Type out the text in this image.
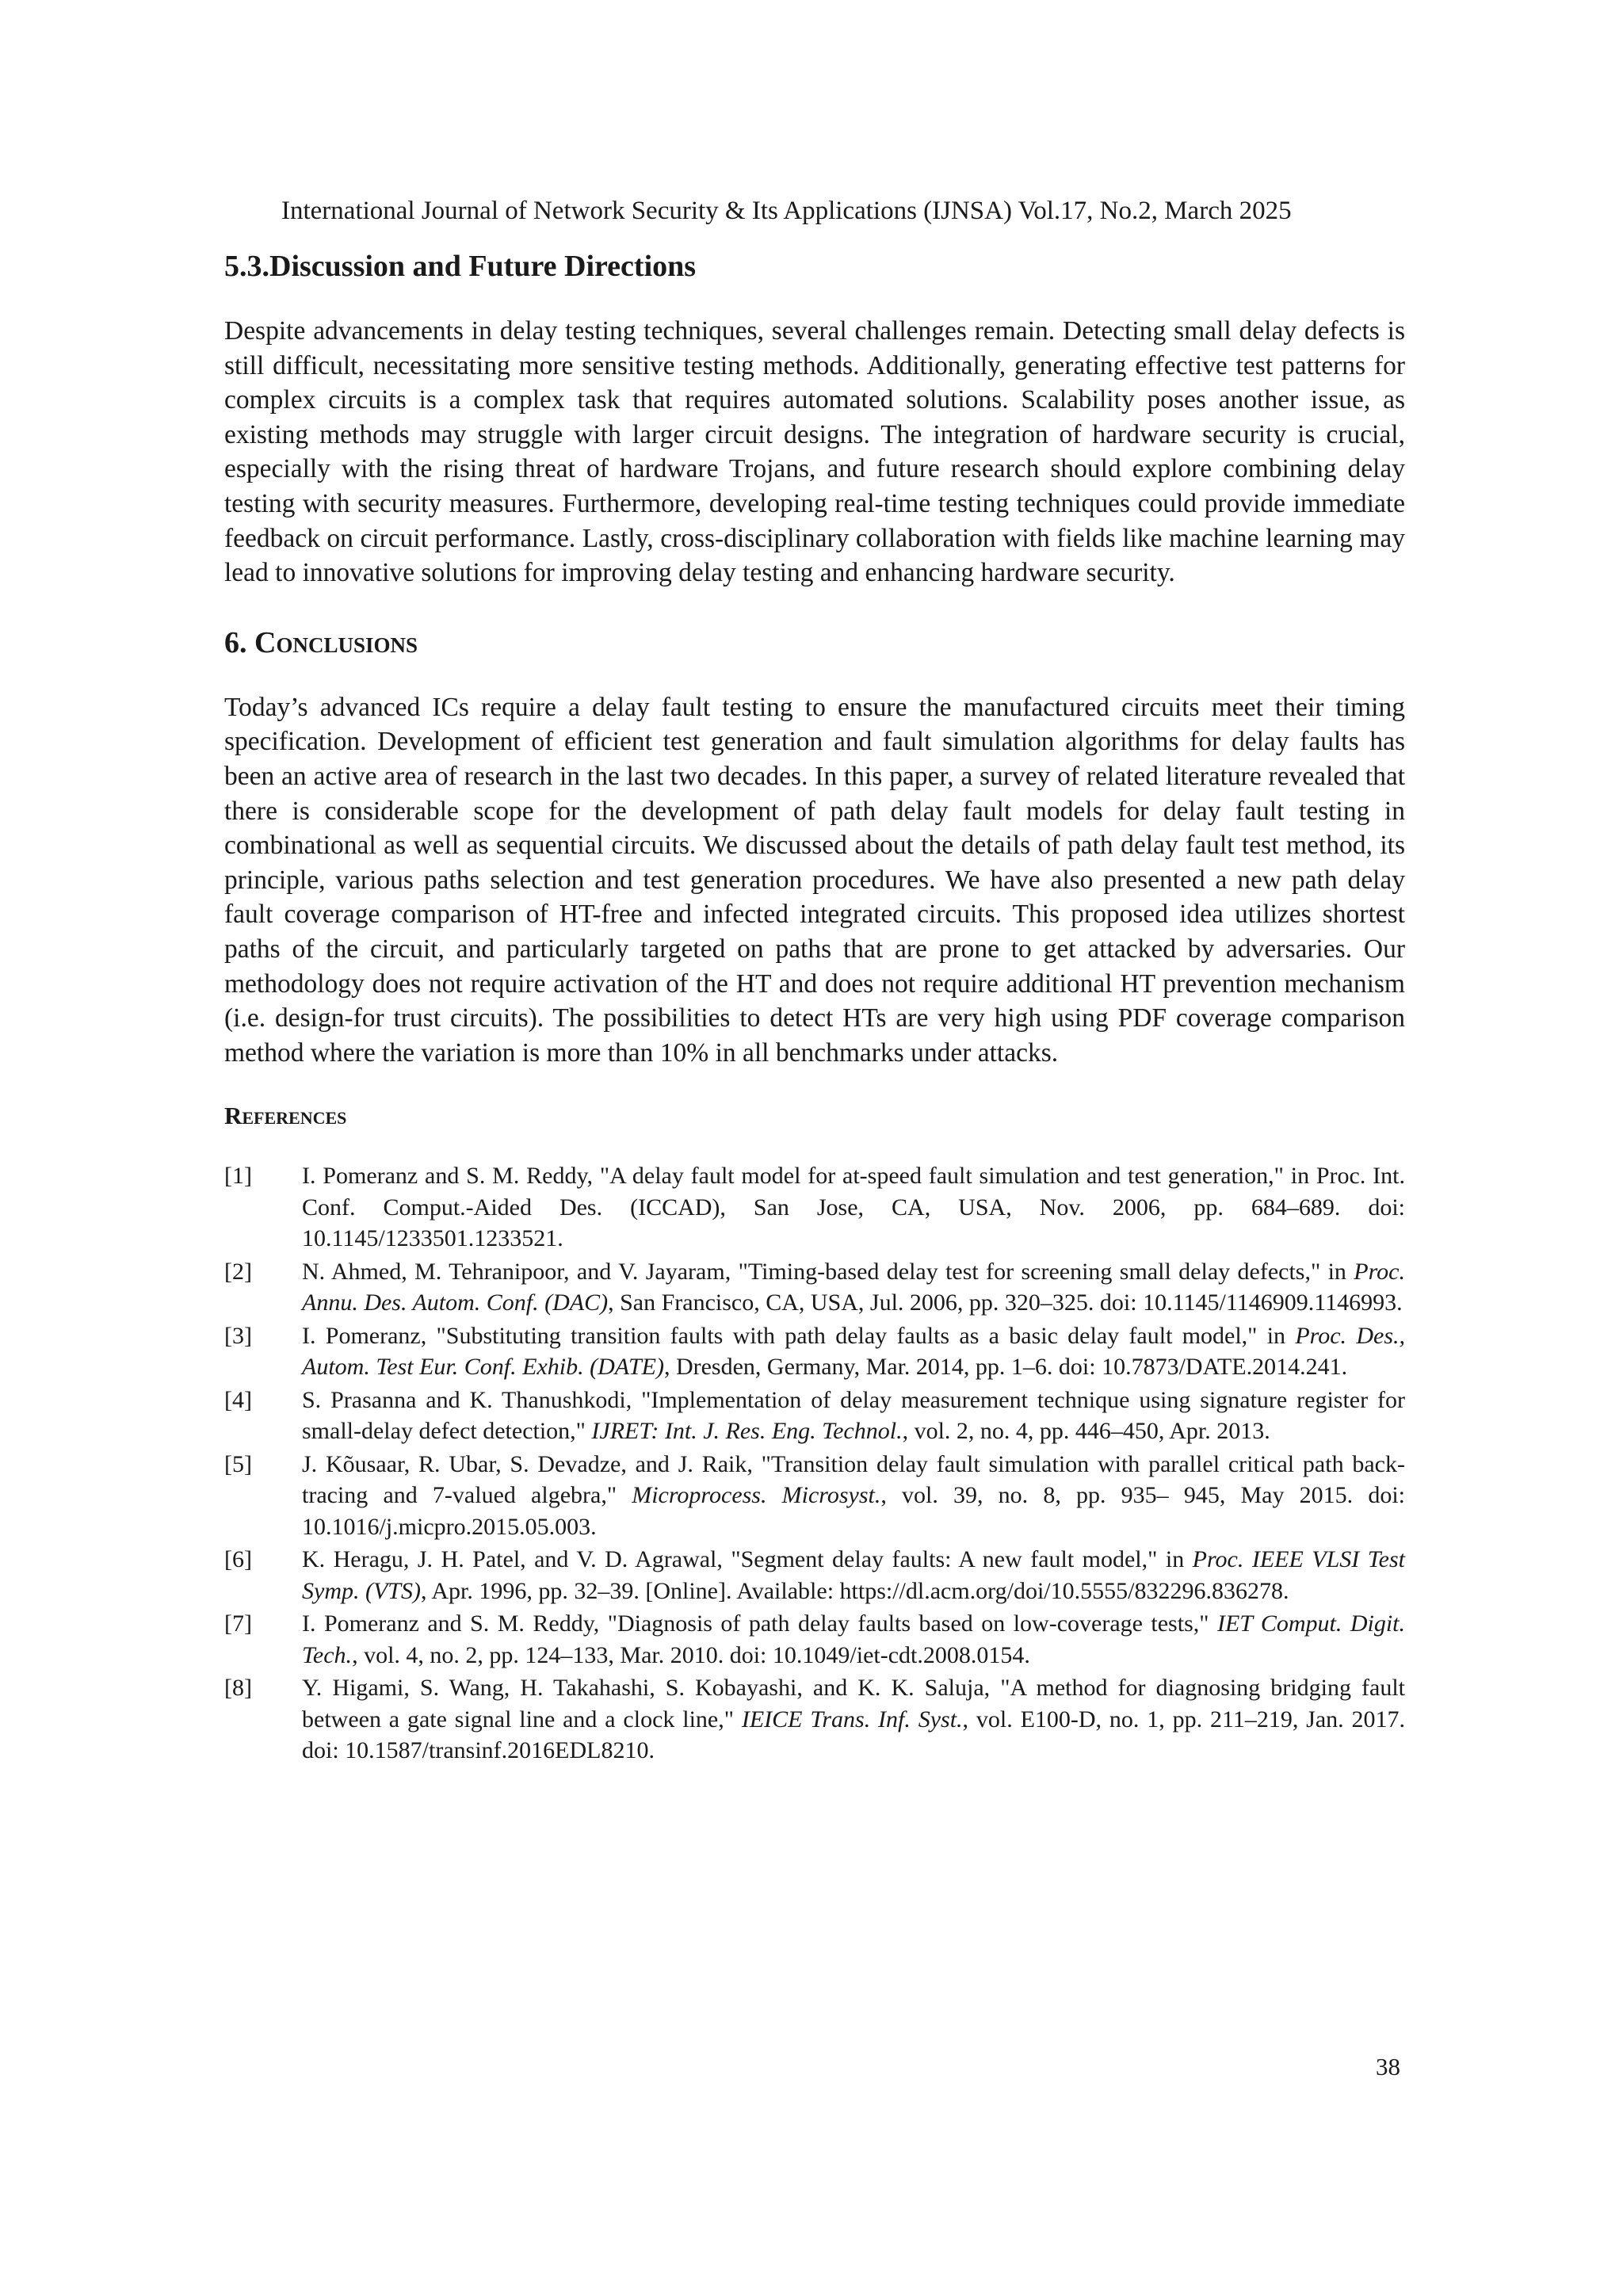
International Journal of Network Security & Its Applications (IJNSA) Vol.17, No.2, March 2025
5.3.Discussion and Future Directions

Despite advancements in delay testing techniques, several challenges remain. Detecting small delay defects is still difficult, necessitating more sensitive testing methods. Additionally, generating effective test patterns for complex circuits is a complex task that requires automated solutions. Scalability poses another issue, as existing methods may struggle with larger circuit designs. The integration of hardware security is crucial, especially with the rising threat of hardware Trojans, and future research should explore combining delay testing with security measures. Furthermore, developing real-time testing techniques could provide immediate feedback on circuit performance. Lastly, cross-disciplinary collaboration with fields like machine learning may lead to innovative solutions for improving delay testing and enhancing hardware security.

6. Conclusions

Today’s advanced ICs require a delay fault testing to ensure the manufactured circuits meet their timing specification. Development of efficient test generation and fault simulation algorithms for delay faults has been an active area of research in the last two decades. In this paper, a survey of related literature revealed that there is considerable scope for the development of path delay fault models for delay fault testing in combinational as well as sequential circuits. We discussed about the details of path delay fault test method, its principle, various paths selection and test generation procedures. We have also presented a new path delay fault coverage comparison of HT-free and infected integrated circuits. This proposed idea utilizes shortest paths of the circuit, and particularly targeted on paths that are prone to get attacked by adversaries. Our methodology does not require activation of the HT and does not require additional HT prevention mechanism (i.e. design-for trust circuits). The possibilities to detect HTs are very high using PDF coverage comparison method where the variation is more than 10% in all benchmarks under attacks.

References
[1]	I. Pomeranz and S. M. Reddy, "A delay fault model for at-speed fault simulation and test generation," in Proc. Int. Conf. Comput.-Aided Des. (ICCAD), San Jose, CA, USA, Nov. 2006, pp. 684–689. doi: 10.1145/1233501.1233521.
[2]	N. Ahmed, M. Tehranipoor, and V. Jayaram, "Timing-based delay test for screening small delay defects," in Proc. Annu. Des. Autom. Conf. (DAC), San Francisco, CA, USA, Jul. 2006, pp. 320–325. doi: 10.1145/1146909.1146993.
[3]	I. Pomeranz, "Substituting transition faults with path delay faults as a basic delay fault model," in Proc. Des., Autom. Test Eur. Conf. Exhib. (DATE), Dresden, Germany, Mar. 2014, pp. 1–6. doi: 10.7873/DATE.2014.241.
[4]	S. Prasanna and K. Thanushkodi, "Implementation of delay measurement technique using signature register for small-delay defect detection," IJRET: Int. J. Res. Eng. Technol., vol. 2, no. 4, pp. 446–450, Apr. 2013.
[5]	J. Kõusaar, R. Ubar, S. Devadze, and J. Raik, "Transition delay fault simulation with parallel critical path back-tracing and 7-valued algebra," Microprocess. Microsyst., vol. 39, no. 8, pp. 935– 945, May 2015. doi: 10.1016/j.micpro.2015.05.003.
[6]	K. Heragu, J. H. Patel, and V. D. Agrawal, "Segment delay faults: A new fault model," in Proc. IEEE VLSI Test Symp. (VTS), Apr. 1996, pp. 32–39. [Online]. Available: https://dl.acm.org/doi/10.5555/832296.836278.
[7]	I. Pomeranz and S. M. Reddy, "Diagnosis of path delay faults based on low-coverage tests," IET Comput. Digit. Tech., vol. 4, no. 2, pp. 124–133, Mar. 2010. doi: 10.1049/iet-cdt.2008.0154.
[8]	Y. Higami, S. Wang, H. Takahashi, S. Kobayashi, and K. K. Saluja, "A method for diagnosing bridging fault between a gate signal line and a clock line," IEICE Trans. Inf. Syst., vol. E100-D, no. 1, pp. 211–219, Jan. 2017. doi: 10.1587/transinf.2016EDL8210.
38
